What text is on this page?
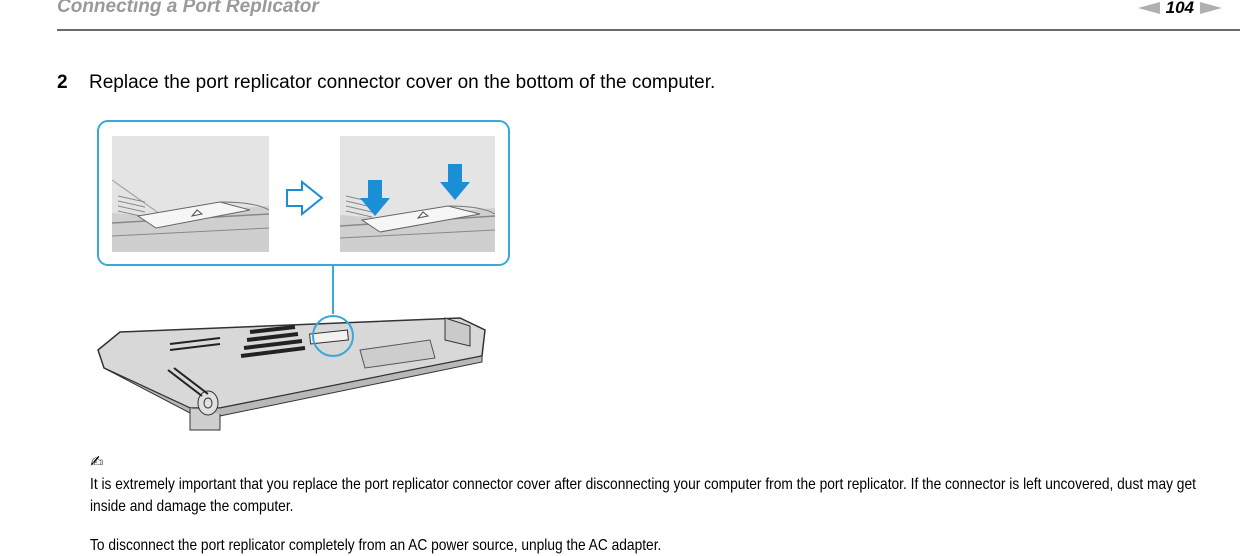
Connecting a Port Replicator	104
2	Replace the port replicator connector cover on the bottom of the computer.
✍
It is extremely important that you replace the port replicator connector cover after disconnecting your computer from the port replicator. If the connector is left uncovered, dust may get inside and damage the computer.
To disconnect the port replicator completely from an AC power source, unplug the AC adapter.
